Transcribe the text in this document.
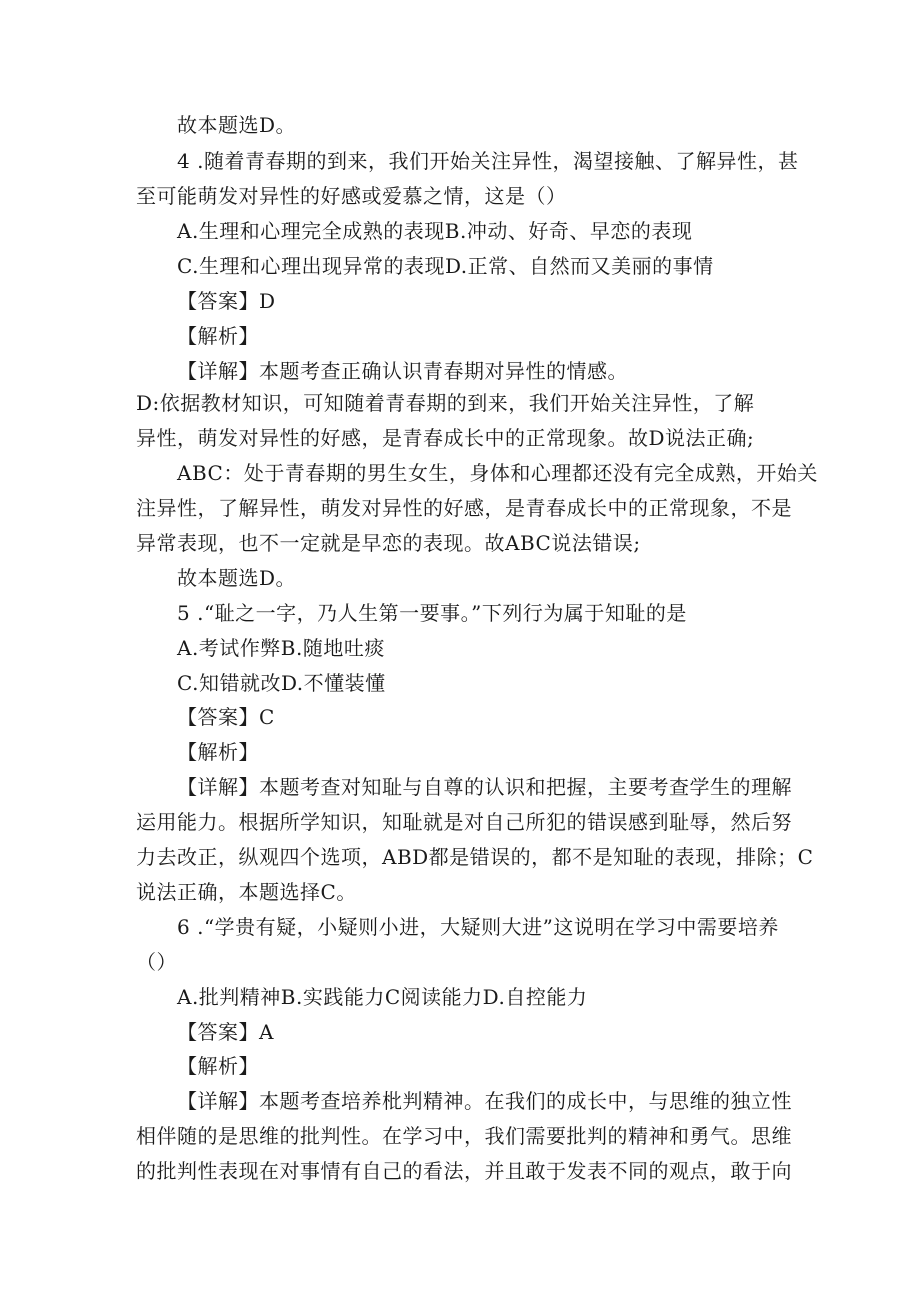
故本题选D。
4 .随着青春期的到来，我们开始关注异性，渴望接触、了解异性，甚
至可能萌发对异性的好感或爱慕之情，这是（）
A.生理和心理完全成熟的表现B.冲动、好奇、早恋的表现
C.生理和心理出现异常的表现D.正常、自然而又美丽的事情
【答案】D
【解析】
【详解】本题考查正确认识青春期对异性的情感。
D:依据教材知识，可知随着青春期的到来，我们开始关注异性，了解
异性，萌发对异性的好感，是青春成长中的正常现象。故D说法正确;
ABC：处于青春期的男生女生，身体和心理都还没有完全成熟，开始关
注异性，了解异性，萌发对异性的好感，是青春成长中的正常现象，不是
异常表现，也不一定就是早恋的表现。故ABC说法错误;
故本题选D。
5 .“耻之一字，乃人生第一要事。”下列行为属于知耻的是
A.考试作弊B.随地吐痰
C.知错就改D.不懂装懂
【答案】C
【解析】
【详解】本题考查对知耻与自尊的认识和把握，主要考查学生的理解
运用能力。根据所学知识，知耻就是对自己所犯的错误感到耻辱，然后努
力去改正，纵观四个选项，ABD都是错误的，都不是知耻的表现，排除；C
说法正确，本题选择C。
6 .“学贵有疑，小疑则小进，大疑则大进”这说明在学习中需要培养
（）
A.批判精神B.实践能力C阅读能力D.自控能力
【答案】A
【解析】
【详解】本题考查培养枇判精神。在我们的成长中，与思维的独立性
相伴随的是思维的批判性。在学习中，我们需要批判的精神和勇气。思维
的批判性表现在对事情有自己的看法，并且敢于发表不同的观点，敢于向
